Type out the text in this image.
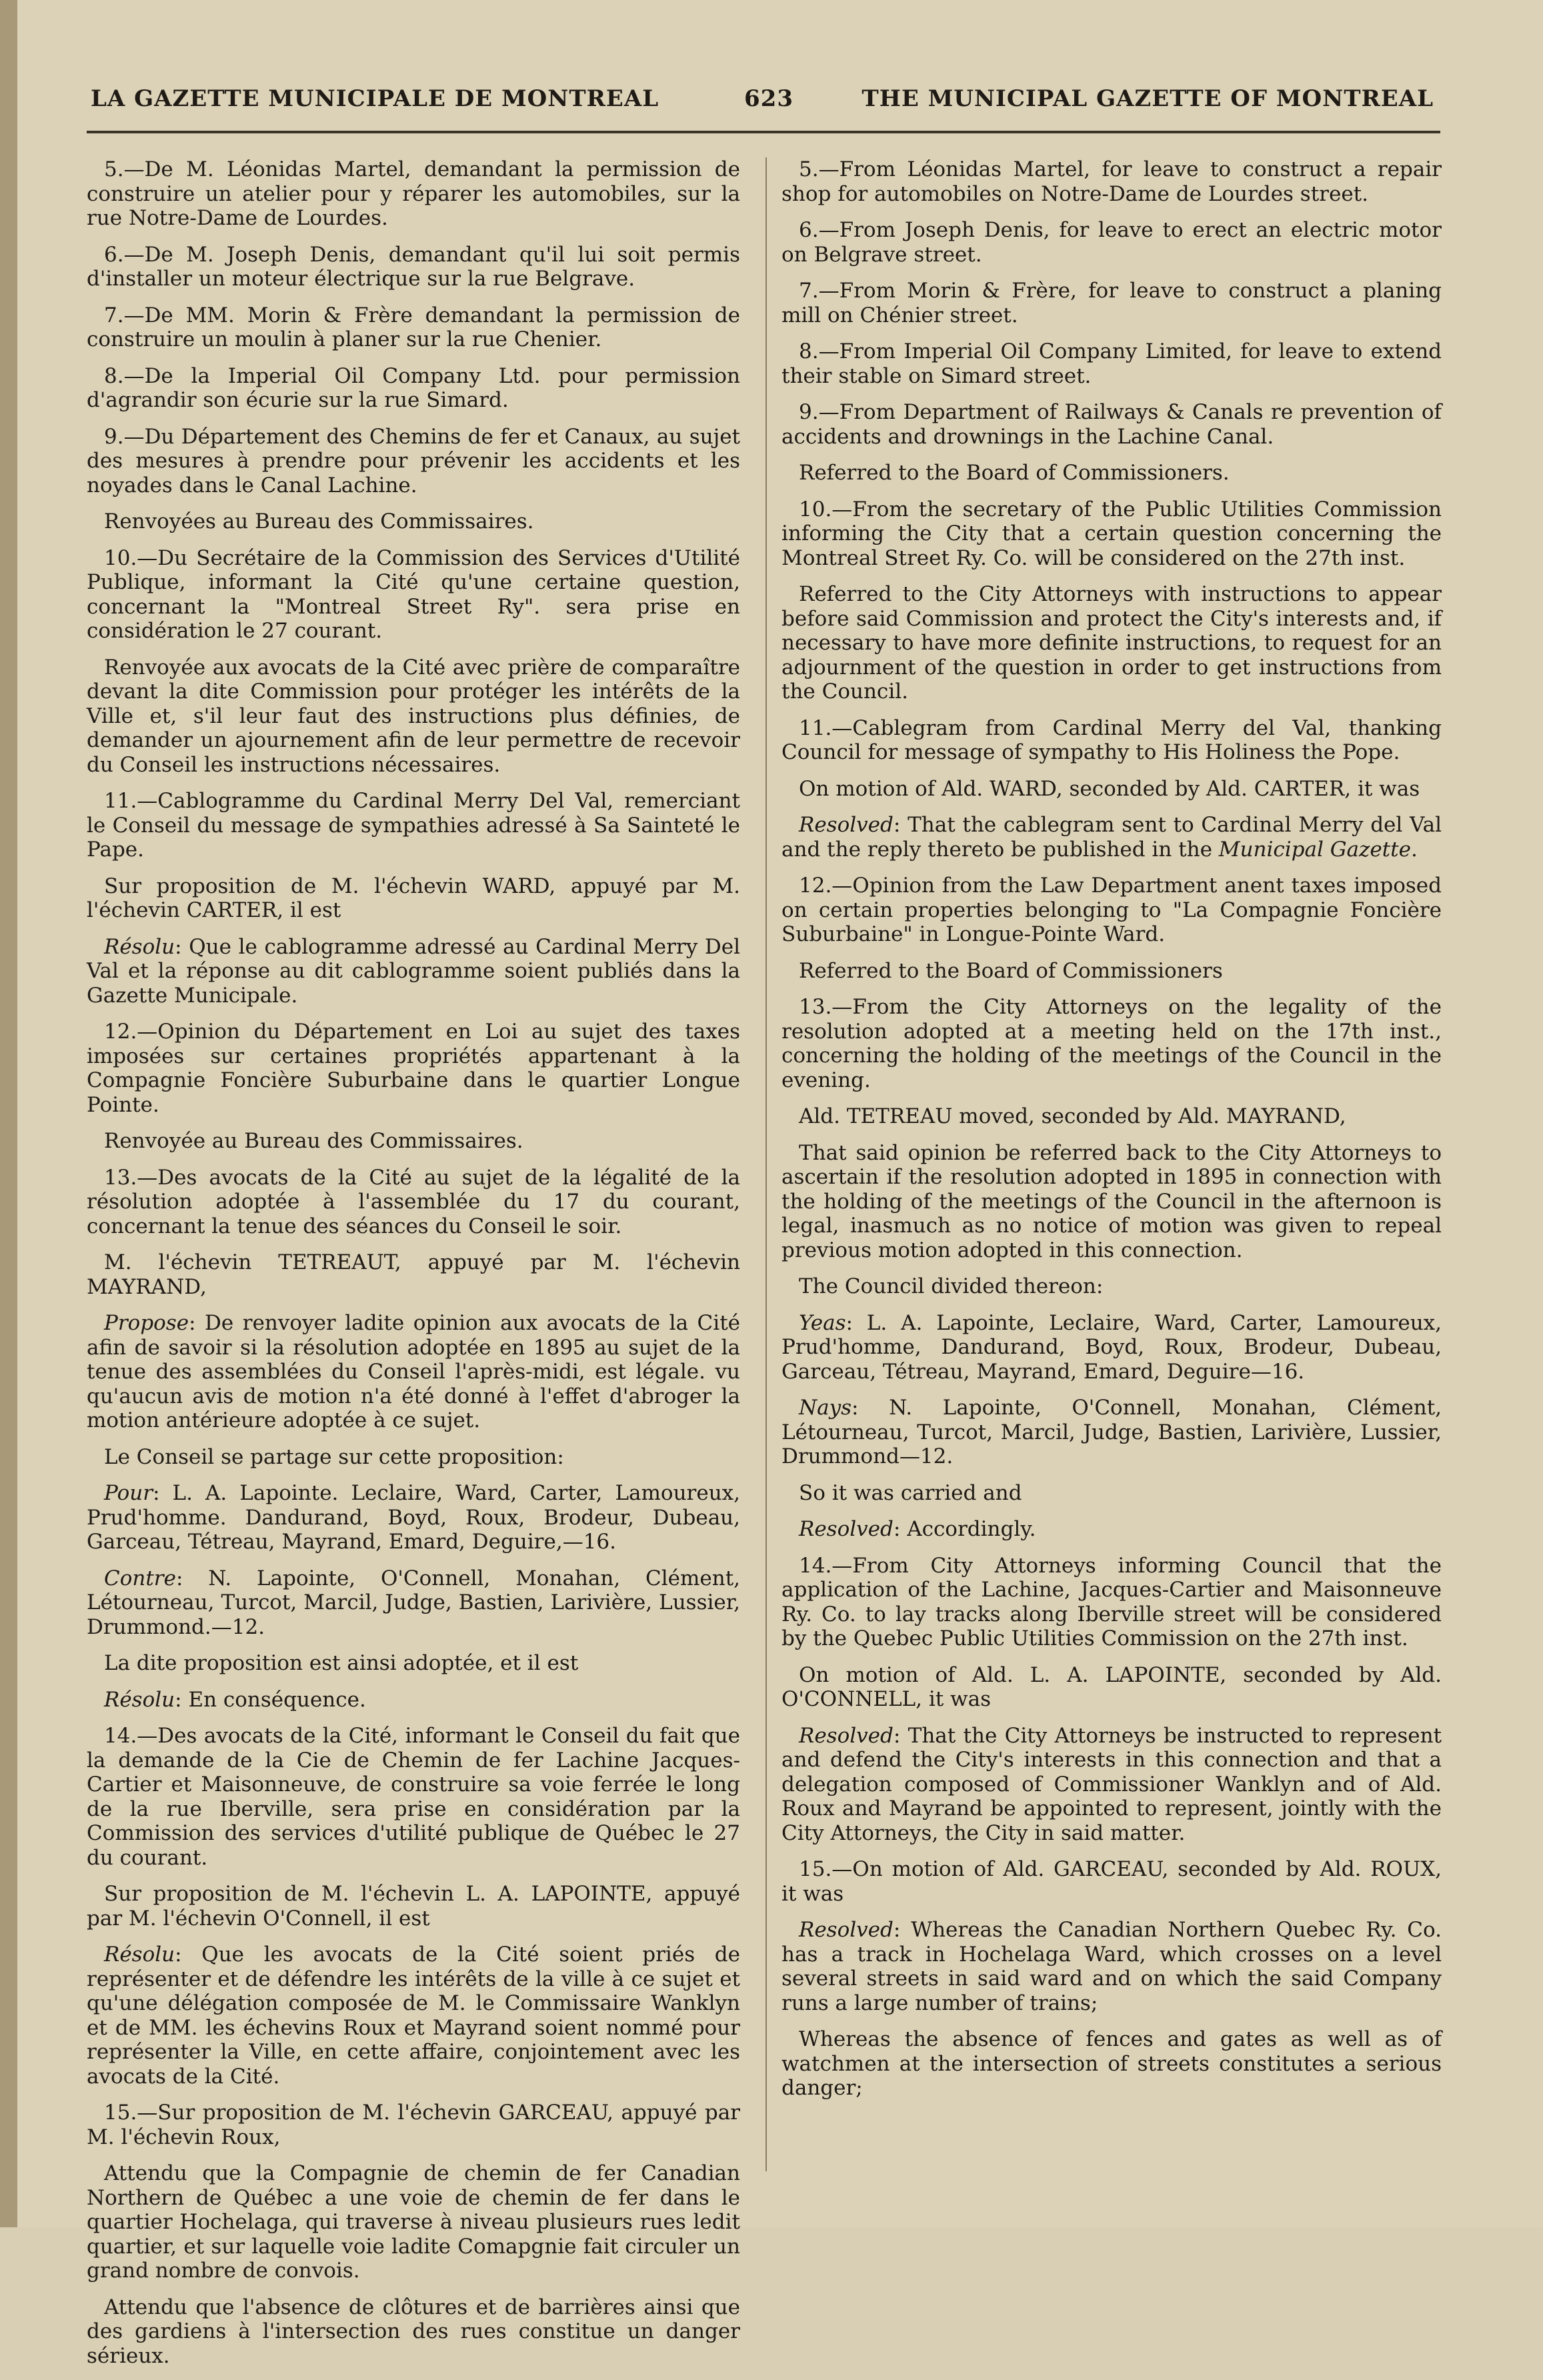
LA GAZETTE MUNICIPALE DE MONTREAL	623	THE MUNICIPAL GAZETTE OF MONTREAL

5.—De M. Léonidas Martel, demandant la permission de construire un atelier pour y réparer les automobiles, sur la rue Notre-Dame de Lourdes.

6.—De M. Joseph Denis, demandant qu'il lui soit permis d'installer un moteur électrique sur la rue Belgrave.

7.—De MM. Morin & Frère demandant la permission de construire un moulin à planer sur la rue Chenier.

8.—De la Imperial Oil Company Ltd. pour permission d'agrandir son écurie sur la rue Simard.

9.—Du Département des Chemins de fer et Canaux, au sujet des mesures à prendre pour prévenir les accidents et les noyades dans le Canal Lachine.

Renvoyées au Bureau des Commissaires.

10.—Du Secrétaire de la Commission des Services d'Utilité Publique, informant la Cité qu'une certaine question, concernant la "Montreal Street Ry". sera prise en considération le 27 courant.

Renvoyée aux avocats de la Cité avec prière de comparaître devant la dite Commission pour protéger les intérêts de la Ville et, s'il leur faut des instructions plus définies, de demander un ajournement afin de leur permettre de recevoir du Conseil les instructions nécessaires.

11.—Cablogramme du Cardinal Merry Del Val, remerciant le Conseil du message de sympathies adressé à Sa Sainteté le Pape.

Sur proposition de M. l'échevin WARD, appuyé par M. l'échevin CARTER, il est

Résolu: Que le cablogramme adressé au Cardinal Merry Del Val et la réponse au dit cablogramme soient publiés dans la Gazette Municipale.

12.—Opinion du Département en Loi au sujet des taxes imposées sur certaines propriétés appartenant à la Compagnie Foncière Suburbaine dans le quartier Longue Pointe.

Renvoyée au Bureau des Commissaires.

13.—Des avocats de la Cité au sujet de la légalité de la résolution adoptée à l'assemblée du 17 du courant, concernant la tenue des séances du Conseil le soir.

M. l'échevin TETREAUT, appuyé par M. l'échevin MAYRAND,

Propose: De renvoyer ladite opinion aux avocats de la Cité afin de savoir si la résolution adoptée en 1895 au sujet de la tenue des assemblées du Conseil l'après-midi, est légale. vu qu'aucun avis de motion n'a été donné à l'effet d'abroger la motion antérieure adoptée à ce sujet.

Le Conseil se partage sur cette proposition:

Pour: L. A. Lapointe. Leclaire, Ward, Carter, Lamoureux, Prud'homme. Dandurand, Boyd, Roux, Brodeur, Dubeau, Garceau, Tétreau, Mayrand, Emard, Deguire,—16.

Contre: N. Lapointe, O'Connell, Monahan, Clément, Létourneau, Turcot, Marcil, Judge, Bastien, Larivière, Lussier, Drummond.—12.

La dite proposition est ainsi adoptée, et il est

Résolu: En conséquence.

14.—Des avocats de la Cité, informant le Conseil du fait que la demande de la Cie de Chemin de fer Lachine Jacques-Cartier et Maisonneuve, de construire sa voie ferrée le long de la rue Iberville, sera prise en considération par la Commission des services d'utilité publique de Québec le 27 du courant.

Sur proposition de M. l'échevin L. A. LAPOINTE, appuyé par M. l'échevin O'Connell, il est

Résolu: Que les avocats de la Cité soient priés de représenter et de défendre les intérêts de la ville à ce sujet et qu'une délégation composée de M. le Commissaire Wanklyn et de MM. les échevins Roux et Mayrand soient nommé pour représenter la Ville, en cette affaire, conjointement avec les avocats de la Cité.

15.—Sur proposition de M. l'échevin GARCEAU, appuyé par M. l'échevin Roux,

Attendu que la Compagnie de chemin de fer Canadian Northern de Québec a une voie de chemin de fer dans le quartier Hochelaga, qui traverse à niveau plusieurs rues ledit quartier, et sur laquelle voie ladite Comapgnie fait circuler un grand nombre de convois.

Attendu que l'absence de clôtures et de barrières ainsi que des gardiens à l'intersection des rues constitue un danger sérieux.

5.—From Léonidas Martel, for leave to construct a repair shop for automobiles on Notre-Dame de Lourdes street.

6.—From Joseph Denis, for leave to erect an electric motor on Belgrave street.

7.—From Morin & Frère, for leave to construct a planing mill on Chénier street.

8.—From Imperial Oil Company Limited, for leave to extend their stable on Simard street.

9.—From Department of Railways & Canals re prevention of accidents and drownings in the Lachine Canal.

Referred to the Board of Commissioners.

10.—From the secretary of the Public Utilities Commission informing the City that a certain question concerning the Montreal Street Ry. Co. will be considered on the 27th inst.

Referred to the City Attorneys with instructions to appear before said Commission and protect the City's interests and, if necessary to have more definite instructions, to request for an adjournment of the question in order to get instructions from the Council.

11.—Cablegram from Cardinal Merry del Val, thanking Council for message of sympathy to His Holiness the Pope.

On motion of Ald. WARD, seconded by Ald. CARTER, it was

Resolved: That the cablegram sent to Cardinal Merry del Val and the reply thereto be published in the Municipal Gazette.

12.—Opinion from the Law Department anent taxes imposed on certain properties belonging to "La Compagnie Foncière Suburbaine" in Longue-Pointe Ward.

Referred to the Board of Commissioners

13.—From the City Attorneys on the legality of the resolution adopted at a meeting held on the 17th inst., concerning the holding of the meetings of the Council in the evening.

Ald. TETREAU moved, seconded by Ald. MAYRAND,

That said opinion be referred back to the City Attorneys to ascertain if the resolution adopted in 1895 in connection with the holding of the meetings of the Council in the afternoon is legal, inasmuch as no notice of motion was given to repeal previous motion adopted in this connection.

The Council divided thereon:

Yeas: L. A. Lapointe, Leclaire, Ward, Carter, Lamoureux, Prud'homme, Dandurand, Boyd, Roux, Brodeur, Dubeau, Garceau, Tétreau, Mayrand, Emard, Deguire—16.

Nays: N. Lapointe, O'Connell, Monahan, Clément, Létourneau, Turcot, Marcil, Judge, Bastien, Larivière, Lussier, Drummond—12.

So it was carried and

Resolved: Accordingly.

14.—From City Attorneys informing Council that the application of the Lachine, Jacques-Cartier and Maisonneuve Ry. Co. to lay tracks along Iberville street will be considered by the Quebec Public Utilities Commission on the 27th inst.

On motion of Ald. L. A. LAPOINTE, seconded by Ald. O'CONNELL, it was

Resolved: That the City Attorneys be instructed to represent and defend the City's interests in this connection and that a delegation composed of Commissioner Wanklyn and of Ald. Roux and Mayrand be appointed to represent, jointly with the City Attorneys, the City in said matter.

15.—On motion of Ald. GARCEAU, seconded by Ald. ROUX, it was

Resolved: Whereas the Canadian Northern Quebec Ry. Co. has a track in Hochelaga Ward, which crosses on a level several streets in said ward and on which the said Company runs a large number of trains;

Whereas the absence of fences and gates as well as of watchmen at the intersection of streets constitutes a serious danger;
